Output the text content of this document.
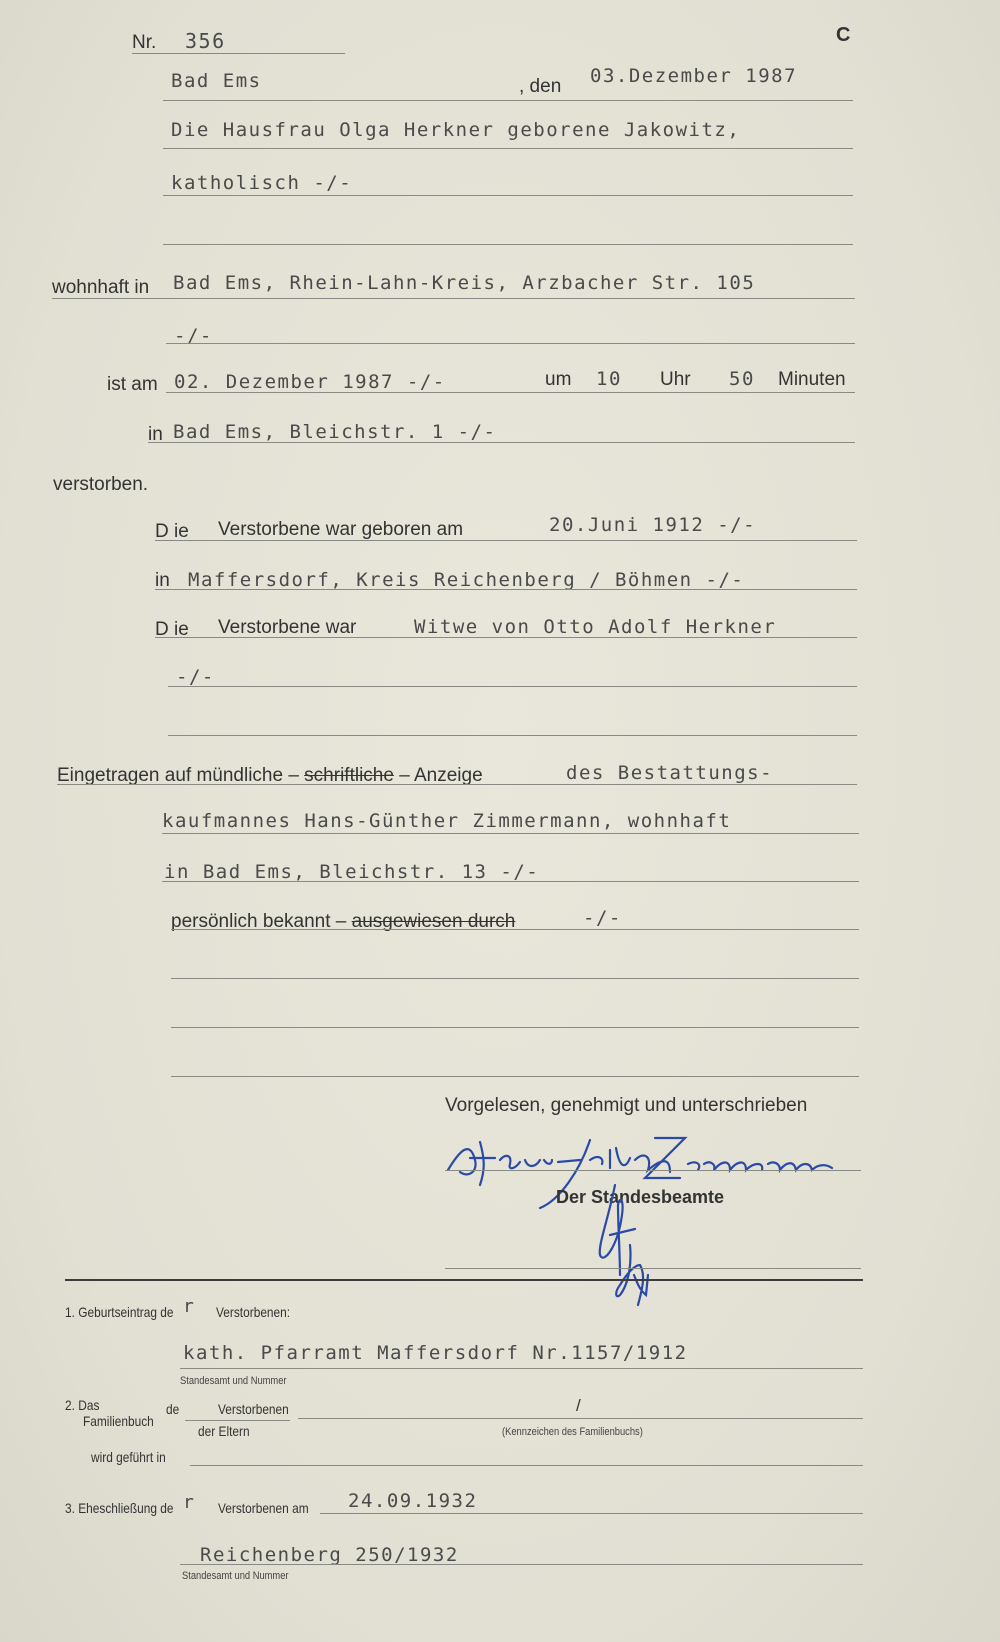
Nr. 356	C
Bad Ems	, den 03.Dezember 1987
Die Hausfrau Olga Herkner geborene Jakowitz,
katholisch -/-
wohnhaft in Bad Ems, Rhein-Lahn-Kreis, Arzbacher Str. 105
-/-
ist am 02. Dezember 1987 -/-	um 10 Uhr 50 Minuten
in Bad Ems, Bleichstr. 1 -/-
verstorben.
D ie Verstorbene war geboren am	20.Juni 1912 -/-
in Maffersdorf, Kreis Reichenberg / Böhmen -/-
D ie Verstorbene war	Witwe von Otto Adolf Herkner
-/-
Eingetragen auf mündliche – schriftliche – Anzeige	des Bestattungs-
kaufmannes Hans-Günther Zimmermann, wohnhaft
in Bad Ems, Bleichstr. 13 -/-
persönlich bekannt – ausgewiesen durch	-/-
Vorgelesen, genehmigt und unterschrieben
Der Standesbeamte
1. Geburtseintrag de r Verstorbenen:
kath. Pfarramt Maffersdorf Nr.1157/1912
Standesamt und Nummer
2. Das
Familienbuch
de	Verstorbenen
der Eltern
/
(Kennzeichen des Familienbuchs)
wird geführt in
3. Eheschließung de r Verstorbenen am 24.09.1932
Reichenberg 250/1932
Standesamt und Nummer
